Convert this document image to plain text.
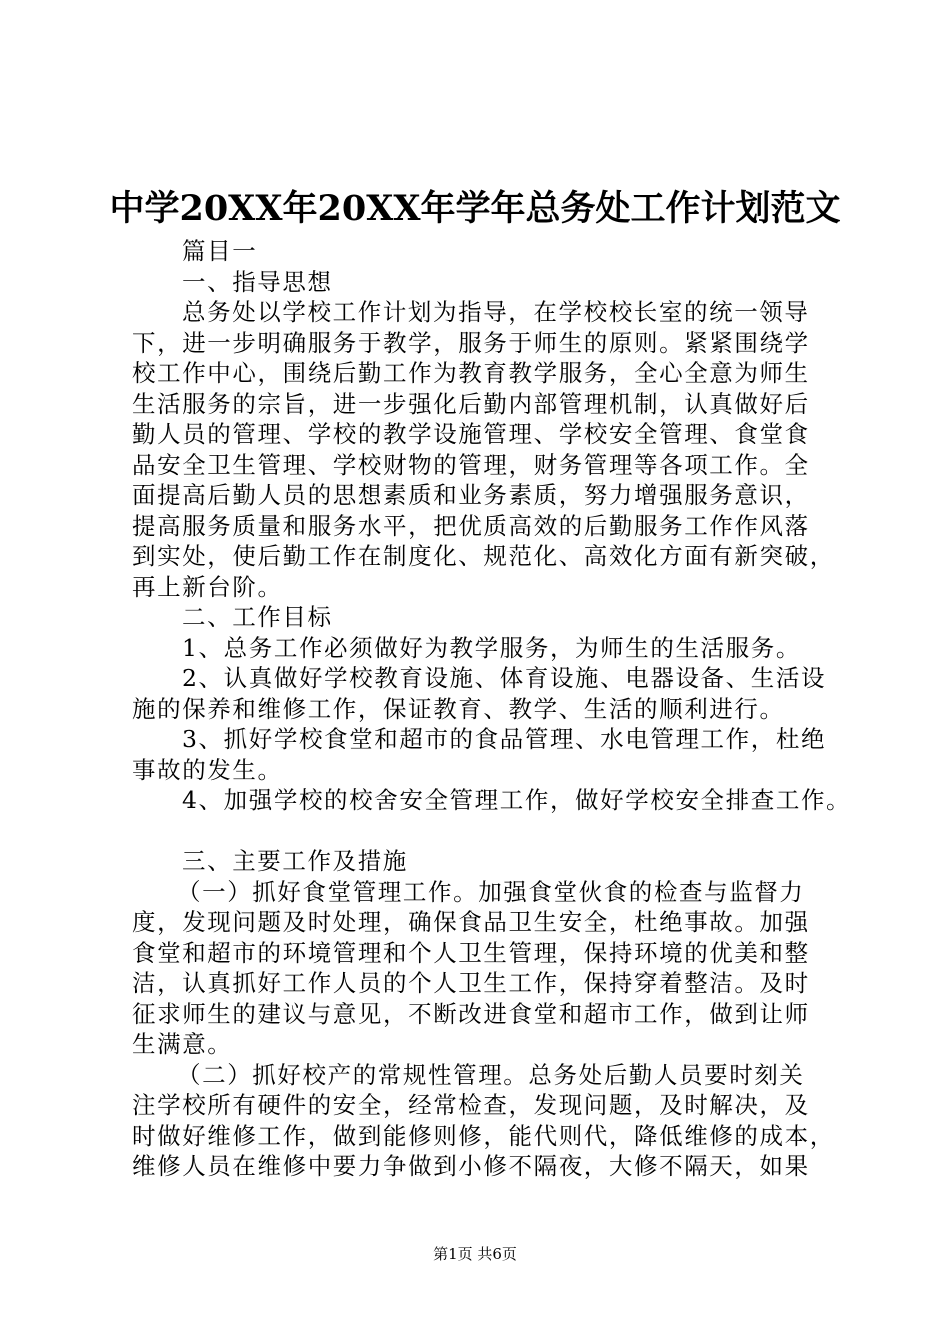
中学20XX年20XX年学年总务处工作计划范文
篇目一
一、指导思想
总务处以学校工作计划为指导，在学校校长室的统一领导
下，进一步明确服务于教学，服务于师生的原则。紧紧围绕学
校工作中心，围绕后勤工作为教育教学服务，全心全意为师生
生活服务的宗旨，进一步强化后勤内部管理机制，认真做好后
勤人员的管理、学校的教学设施管理、学校安全管理、食堂食
品安全卫生管理、学校财物的管理，财务管理等各项工作。全
面提高后勤人员的思想素质和业务素质，努力增强服务意识，
提高服务质量和服务水平，把优质高效的后勤服务工作作风落
到实处，使后勤工作在制度化、规范化、高效化方面有新突破，
再上新台阶。
二、工作目标
1、总务工作必须做好为教学服务，为师生的生活服务。
2、认真做好学校教育设施、体育设施、电器设备、生活设
施的保养和维修工作，保证教育、教学、生活的顺利进行。
3、抓好学校食堂和超市的食品管理、水电管理工作，杜绝
事故的发生。
4、加强学校的校舍安全管理工作，做好学校安全排查工作。
三、主要工作及措施
（一）抓好食堂管理工作。加强食堂伙食的检查与监督力
度，发现问题及时处理，确保食品卫生安全，杜绝事故。加强
食堂和超市的环境管理和个人卫生管理，保持环境的优美和整
洁，认真抓好工作人员的个人卫生工作，保持穿着整洁。及时
征求师生的建议与意见，不断改进食堂和超市工作，做到让师
生满意。
（二）抓好校产的常规性管理。总务处后勤人员要时刻关
注学校所有硬件的安全，经常检查，发现问题，及时解决，及
时做好维修工作，做到能修则修，能代则代，降低维修的成本，
维修人员在维修中要力争做到小修不隔夜，大修不隔天，如果
第1页 共6页
